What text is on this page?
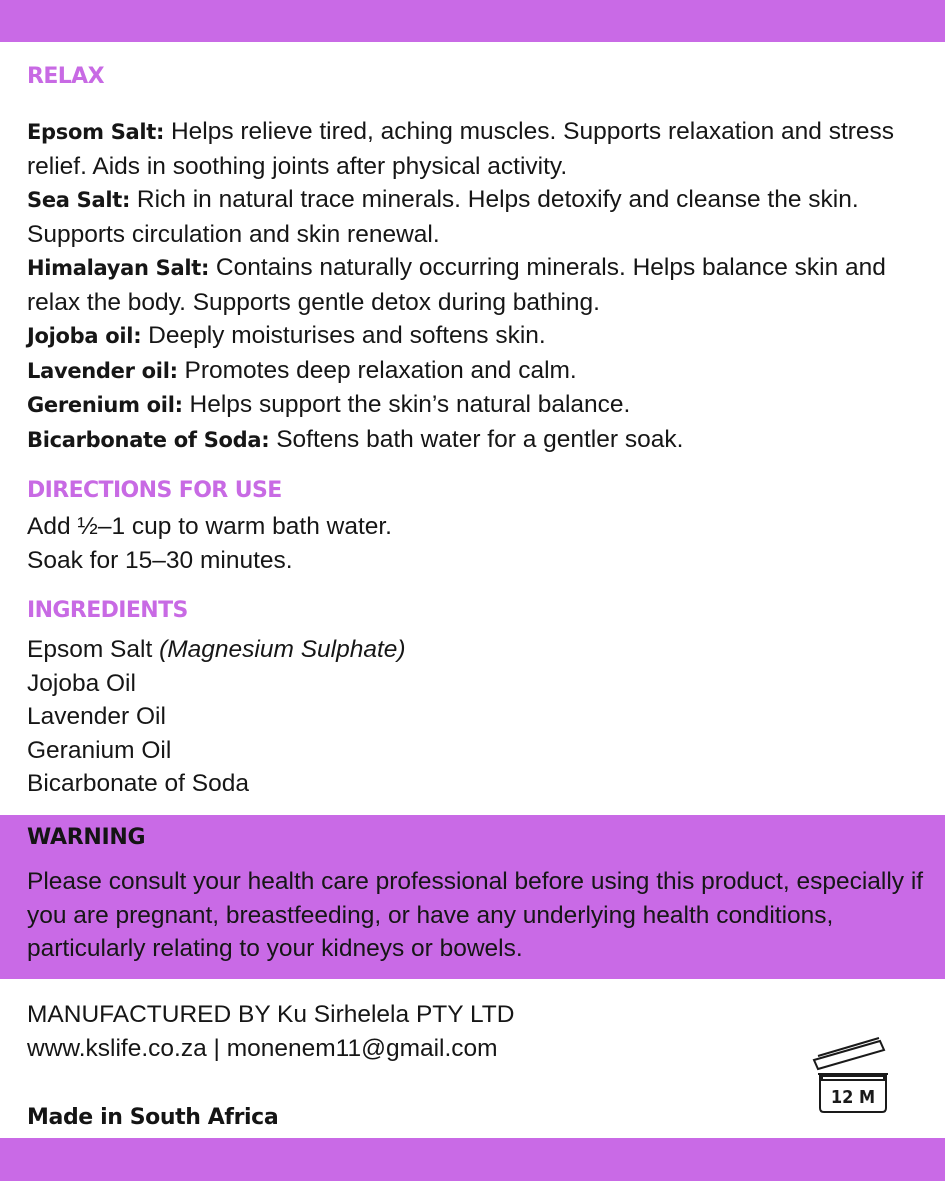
RELAX

Epsom Salt: Helps relieve tired, aching muscles. Supports relaxation and stress relief. Aids in soothing joints after physical activity.

Sea Salt: Rich in natural trace minerals. Helps detoxify and cleanse the skin. Supports circulation and skin renewal.

Himalayan Salt: Contains naturally occurring minerals. Helps balance skin and relax the body. Supports gentle detox during bathing.

Jojoba oil: Deeply moisturises and softens skin.

Lavender oil: Promotes deep relaxation and calm.

Gerenium oil: Helps support the skin’s natural balance.

Bicarbonate of Soda: Softens bath water for a gentler soak.

DIRECTIONS FOR USE

Add ½–1 cup to warm bath water.

Soak for 15–30 minutes.

INGREDIENTS

Epsom Salt (Magnesium Sulphate)

Jojoba Oil

Lavender Oil

Geranium Oil

Bicarbonate of Soda

WARNING

Please consult your health care professional before using this product, especially if you are pregnant, breastfeeding, or have any underlying health conditions, particularly relating to your kidneys or bowels.

MANUFACTURED BY Ku Sirhelela PTY LTD

www.kslife.co.za | monenem11@gmail.com

Made in South Africa

12 M
